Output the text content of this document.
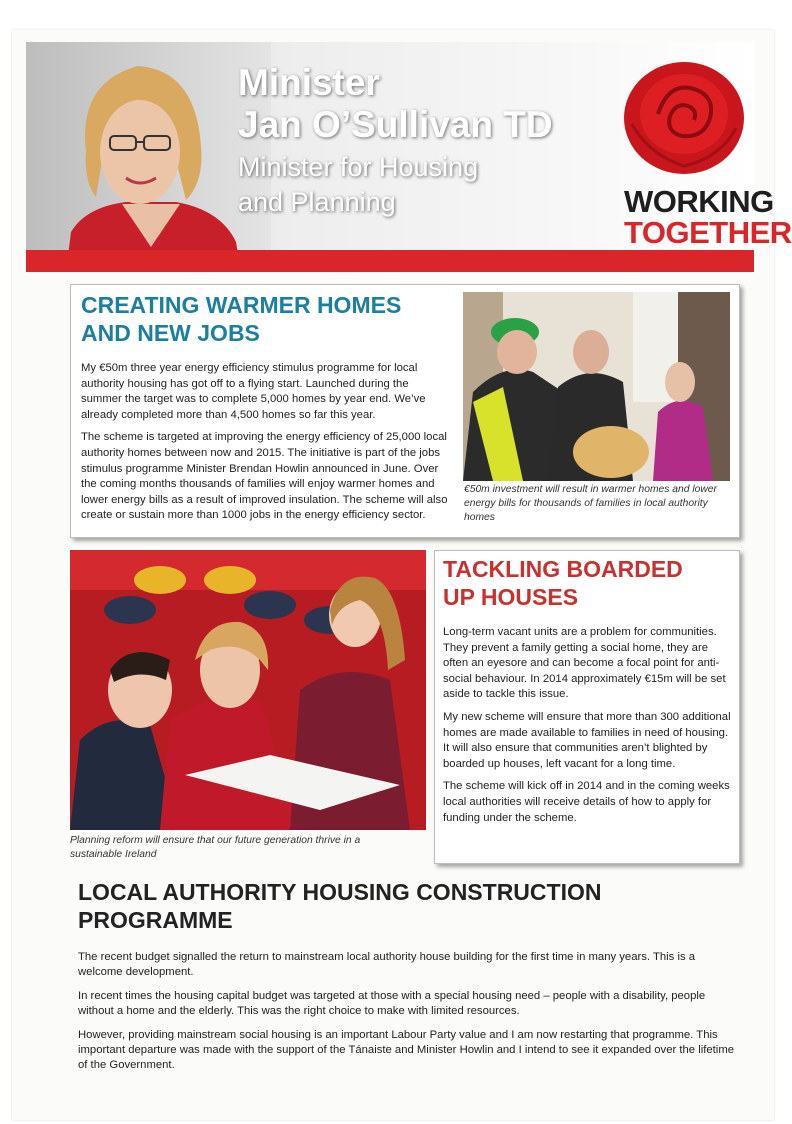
Minister
Jan O’Sullivan TD
Minister for Housing
and Planning	WORKING
TOGETHER
CREATING WARMER HOMES
AND NEW JOBS

My €50m three year energy efficiency stimulus programme for local authority housing has got off to a flying start. Launched during the summer the target was to complete 5,000 homes by year end. We’ve already completed more than 4,500 homes so far this year.

The scheme is targeted at improving the energy efficiency of 25,000 local authority homes between now and 2015. The initiative is part of the jobs stimulus programme Minister Brendan Howlin announced in June. Over the coming months thousands of families will enjoy warmer homes and lower energy bills as a result of improved insulation. The scheme will also create or sustain more than 1000 jobs in the energy efficiency sector.

€50m investment will result in warmer homes and lower energy bills for thousands of families in local authority homes
Planning reform will ensure that our future generation thrive in a sustainable Ireland
TACKLING BOARDED
UP HOUSES

Long-term vacant units are a problem for communities. They prevent a family getting a social home, they are often an eyesore and can become a focal point for anti-social behaviour. In 2014 approximately €15m will be set aside to tackle this issue.

My new scheme will ensure that more than 300 additional homes are made available to families in need of housing. It will also ensure that communities aren’t blighted by boarded up houses, left vacant for a long time.

The scheme will kick off in 2014 and in the coming weeks local authorities will receive details of how to apply for funding under the scheme.

LOCAL AUTHORITY HOUSING CONSTRUCTION
PROGRAMME

The recent budget signalled the return to mainstream local authority house building for the first time in many years. This is a welcome development.

In recent times the housing capital budget was targeted at those with a special housing need – people with a disability, people without a home and the elderly. This was the right choice to make with limited resources.

However, providing mainstream social housing is an important Labour Party value and I am now restarting that programme. This important departure was made with the support of the Tánaiste and Minister Howlin and I intend to see it expanded over the lifetime of the Government.
